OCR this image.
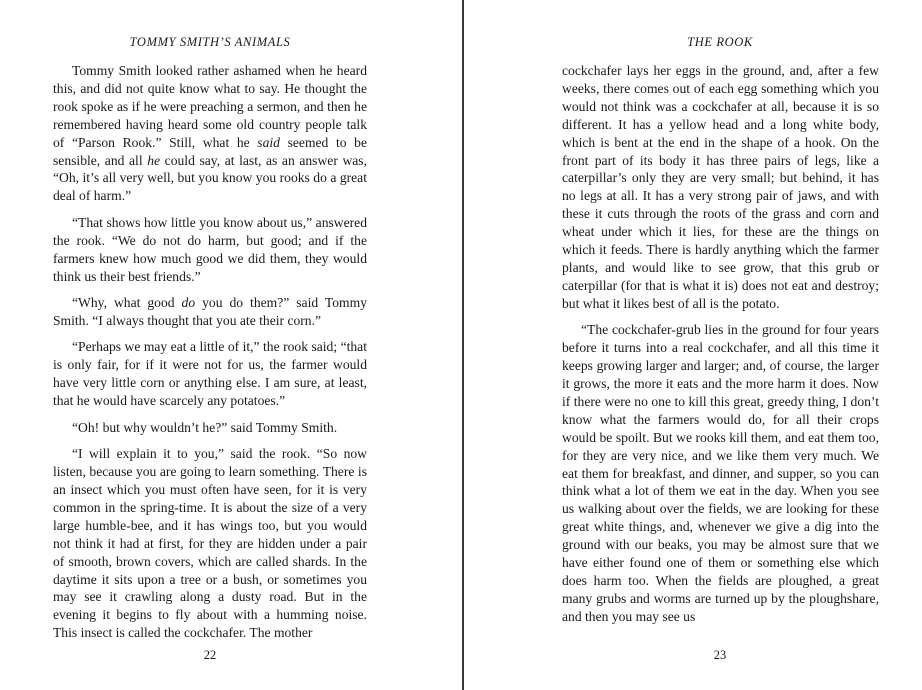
TOMMY SMITH’S ANIMALS

Tommy Smith looked rather ashamed when he heard this, and did not quite know what to say. He thought the rook spoke as if he were preaching a sermon, and then he remembered having heard some old country people talk of “Parson Rook.” Still, what he said seemed to be sensible, and all he could say, at last, as an answer was, “Oh, it’s all very well, but you know you rooks do a great deal of harm.”

“That shows how little you know about us,” answered the rook. “We do not do harm, but good; and if the farmers knew how much good we did them, they would think us their best friends.”

“Why, what good do you do them?” said Tommy Smith. “I always thought that you ate their corn.”

“Perhaps we may eat a little of it,” the rook said; “that is only fair, for if it were not for us, the farmer would have very little corn or anything else. I am sure, at least, that he would have scarcely any potatoes.”

“Oh! but why wouldn’t he?” said Tommy Smith.

“I will explain it to you,” said the rook. “So now listen, because you are going to learn something. There is an insect which you must often have seen, for it is very common in the spring-time. It is about the size of a very large humble-bee, and it has wings too, but you would not think it had at first, for they are hidden under a pair of smooth, brown covers, which are called shards. In the daytime it sits upon a tree or a bush, or sometimes you may see it crawling along a dusty road. But in the evening it begins to fly about with a humming noise. This insect is called the cockchafer. The mother

22
THE ROOK

cockchafer lays her eggs in the ground, and, after a few weeks, there comes out of each egg something which you would not think was a cockchafer at all, because it is so different. It has a yellow head and a long white body, which is bent at the end in the shape of a hook. On the front part of its body it has three pairs of legs, like a caterpillar’s only they are very small; but behind, it has no legs at all. It has a very strong pair of jaws, and with these it cuts through the roots of the grass and corn and wheat under which it lies, for these are the things on which it feeds. There is hardly anything which the farmer plants, and would like to see grow, that this grub or caterpillar (for that is what it is) does not eat and destroy; but what it likes best of all is the potato.

“The cockchafer-grub lies in the ground for four years before it turns into a real cockchafer, and all this time it keeps growing larger and larger; and, of course, the larger it grows, the more it eats and the more harm it does. Now if there were no one to kill this great, greedy thing, I don’t know what the farmers would do, for all their crops would be spoilt. But we rooks kill them, and eat them too, for they are very nice, and we like them very much. We eat them for breakfast, and dinner, and supper, so you can think what a lot of them we eat in the day. When you see us walking about over the fields, we are looking for these great white things, and, whenever we give a dig into the ground with our beaks, you may be almost sure that we have either found one of them or something else which does harm too. When the fields are ploughed, a great many grubs and worms are turned up by the ploughshare, and then you may see us

23
